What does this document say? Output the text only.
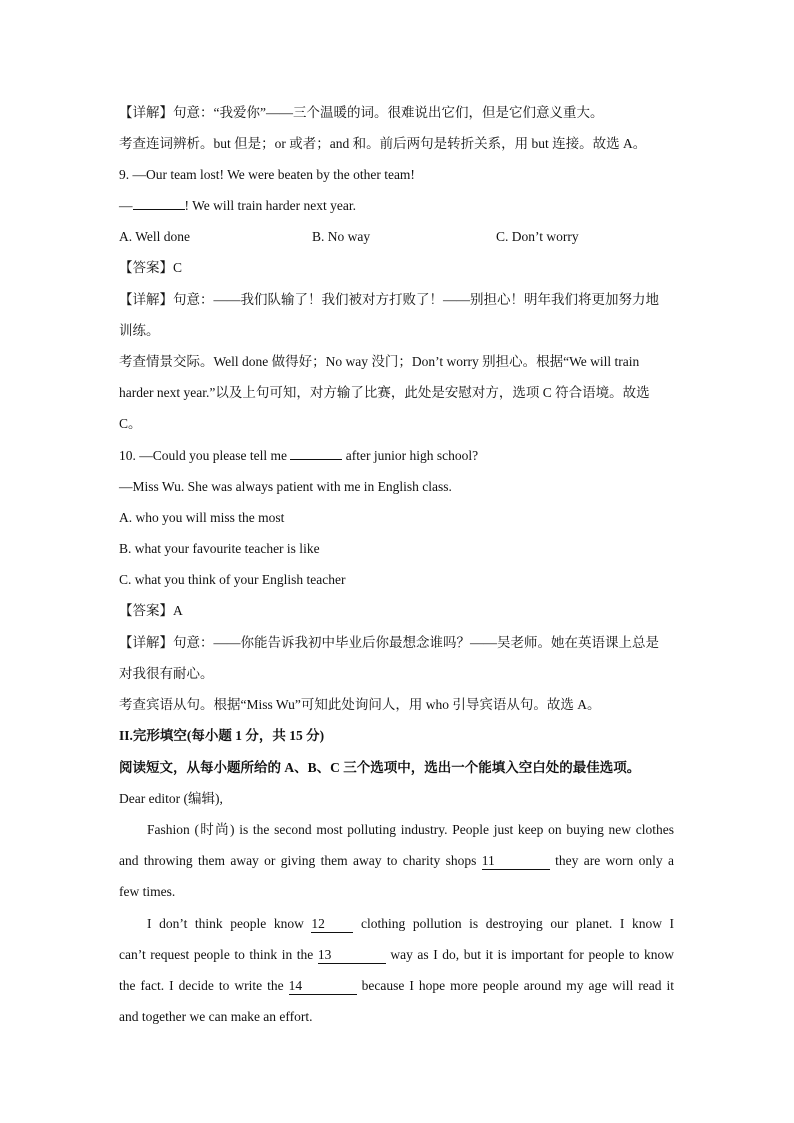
【详解】句意：“我爱你”——三个温暖的词。很难说出它们，但是它们意义重大。
考查连词辨析。but 但是；or 或者；and 和。前后两句是转折关系，用 but 连接。故选 A。
9. —Our team lost! We were beaten by the other team!
—	! We will train harder next year.
A. Well done	B. No way	C. Don’t worry
【答案】C
【详解】句意：——我们队输了！我们被对方打败了！——别担心！明年我们将更加努力地
训练。
考查情景交际。Well done 做得好；No way 没门；Don’t worry 别担心。根据“We will train
harder next year.”以及上句可知，对方输了比赛，此处是安慰对方，选项 C 符合语境。故选
C。
10. —Could you please tell me	after junior high school?
—Miss Wu. She was always patient with me in English class.
A. who you will miss the most
B. what your favourite teacher is like
C. what you think of your English teacher
【答案】A
【详解】句意：——你能告诉我初中毕业后你最想念谁吗？——吴老师。她在英语课上总是
对我很有耐心。
考查宾语从句。根据“Miss Wu”可知此处询问人，用 who 引导宾语从句。故选 A。
II.完形填空(每小题 1 分，共 15 分)
阅读短文，从每小题所给的 A、B、C 三个选项中，选出一个能填入空白处的最佳选项。
Dear editor (编辑),
Fashion (时尚) is the second most polluting industry. People just keep on buying new clothes
and throwing them away or giving them away to charity shops 11	they are worn only a
few times.
I don’t think people know 12	clothing pollution is destroying our planet. I know I
can’t request people to think in the 13	way as I do, but it is important for people to know
the fact. I decide to write the 14	because I hope more people around my age will read it
and together we can make an effort.
